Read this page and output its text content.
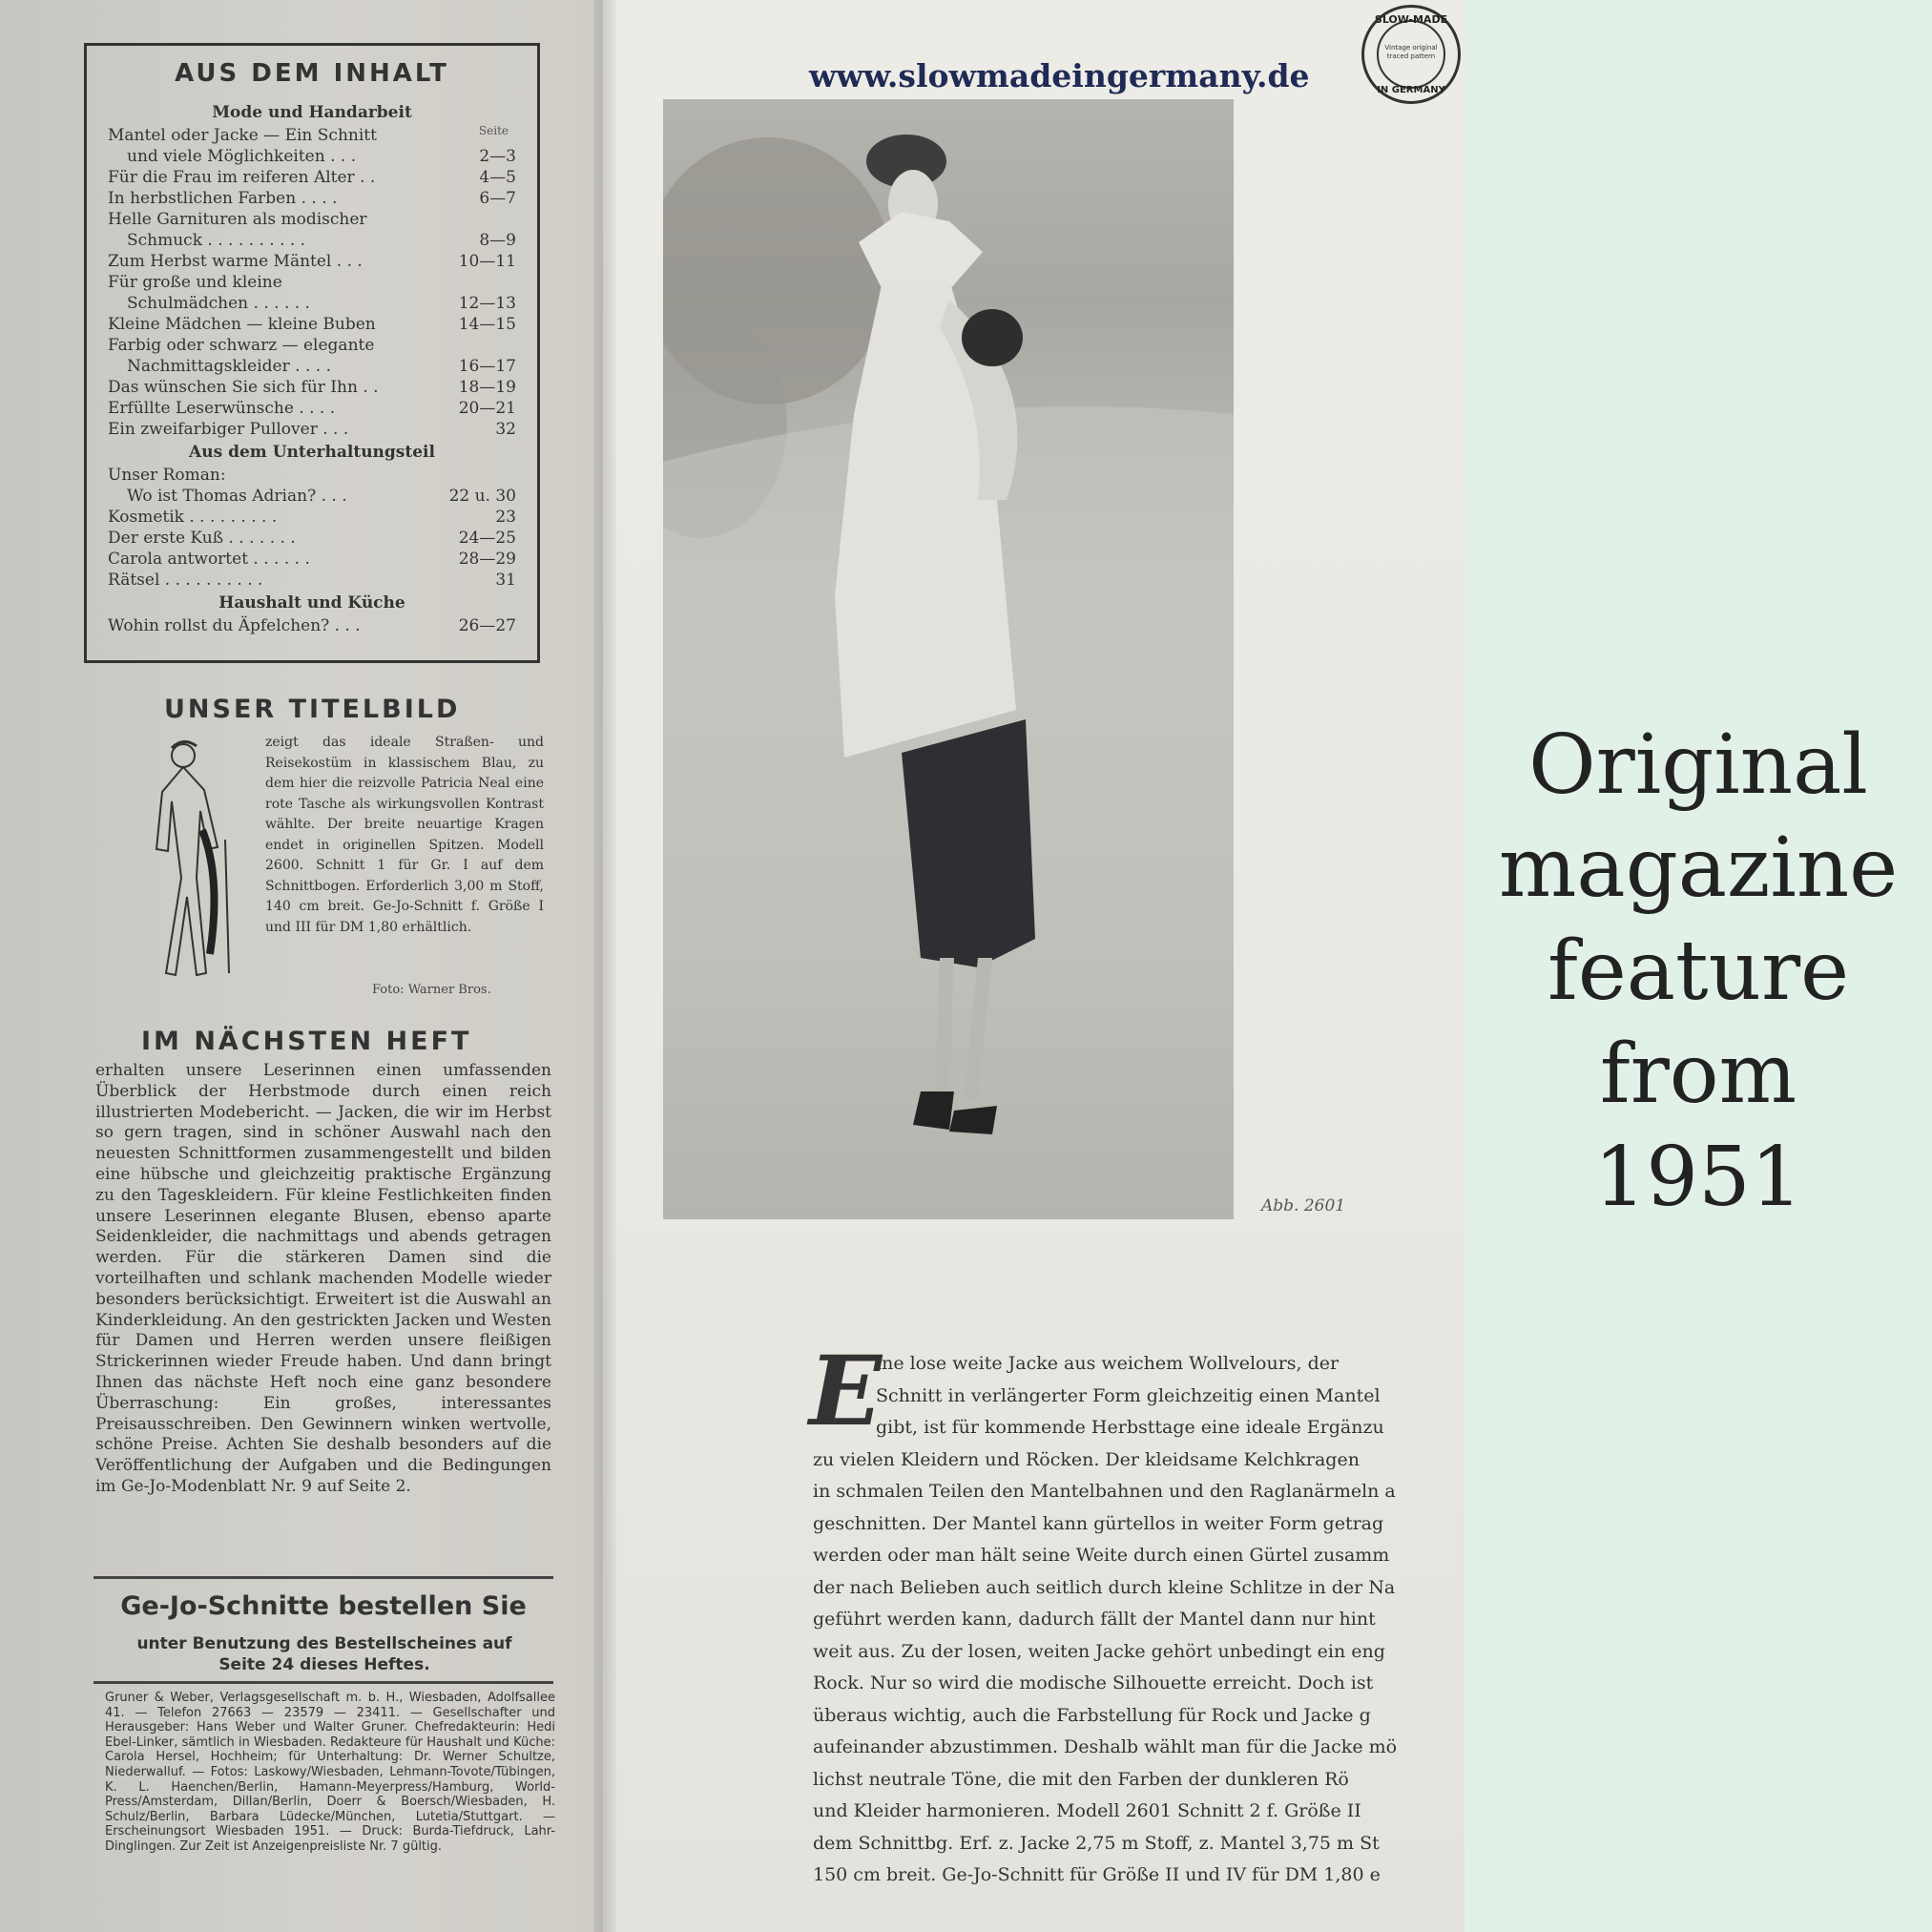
AUS DEM INHALT
Seite
Mode und Handarbeit
Mantel oder Jacke — Ein Schnitt
und viele Möglichkeiten . . .	2—3
Für die Frau im reiferen Alter . .	4—5
In herbstlichen Farben . . . .	6—7
Helle Garnituren als modischer
Schmuck . . . . . . . . . .	8—9
Zum Herbst warme Mäntel . . .	10—11
Für große und kleine
Schulmädchen . . . . . .	12—13
Kleine Mädchen — kleine Buben	14—15
Farbig oder schwarz — elegante
Nachmittagskleider . . . .	16—17
Das wünschen Sie sich für Ihn . .	18—19
Erfüllte Leserwünsche . . . .	20—21
Ein zweifarbiger Pullover . . .	32
Aus dem Unterhaltungsteil
Unser Roman:
Wo ist Thomas Adrian? . . .	22 u. 30
Kosmetik . . . . . . . . .	23
Der erste Kuß . . . . . . .	24—25
Carola antwortet . . . . . .	28—29
Rätsel . . . . . . . . . .	31
Haushalt und Küche
Wohin rollst du Äpfelchen? . . .	26—27
UNSER TITELBILD
zeigt das ideale Straßen- und Reisekostüm in klassischem Blau, zu dem hier die reizvolle Patricia Neal eine rote Tasche als wirkungsvollen Kontrast wählte. Der breite neuartige Kragen endet in originellen Spitzen. Modell 2600. Schnitt 1 für Gr. I auf dem Schnittbogen. Erforderlich 3,00 m Stoff, 140 cm breit. Ge-Jo-Schnitt f. Größe I und III für DM 1,80 erhältlich.
Foto: Warner Bros.
IM NÄCHSTEN HEFT
erhalten unsere Leserinnen einen umfassenden Überblick der Herbstmode durch einen reich illustrierten Modebericht. — Jacken, die wir im Herbst so gern tragen, sind in schöner Auswahl nach den neuesten Schnittformen zusammengestellt und bilden eine hübsche und gleichzeitig praktische Ergänzung zu den Tageskleidern. Für kleine Festlichkeiten finden unsere Leserinnen elegante Blusen, ebenso aparte Seidenkleider, die nachmittags und abends getragen werden. Für die stärkeren Damen sind die vorteilhaften und schlank machenden Modelle wieder besonders berücksichtigt. Erweitert ist die Auswahl an Kinderkleidung. An den gestrickten Jacken und Westen für Damen und Herren werden unsere fleißigen Strickerinnen wieder Freude haben. Und dann bringt Ihnen das nächste Heft noch eine ganz besondere Überraschung: Ein großes, interessantes Preisausschreiben. Den Gewinnern winken wertvolle, schöne Preise. Achten Sie deshalb besonders auf die Veröffentlichung der Aufgaben und die Bedingungen im Ge-Jo-Modenblatt Nr. 9 auf Seite 2.
Ge-Jo-Schnitte bestellen Sie
unter Benutzung des Bestellscheines auf Seite 24 dieses Heftes.
Gruner & Weber, Verlagsgesellschaft m. b. H., Wiesbaden, Adolfsallee 41. — Telefon 27663 — 23579 — 23411. — Gesellschafter und Herausgeber: Hans Weber und Walter Gruner. Chefredakteurin: Hedi Ebel-Linker, sämtlich in Wiesbaden. Redakteure für Haushalt und Küche: Carola Hersel, Hochheim; für Unterhaltung: Dr. Werner Schultze, Niederwalluf. — Fotos: Laskowy/Wiesbaden, Lehmann-Tovote/Tübingen, K. L. Haenchen/Berlin, Hamann-Meyerpress/Hamburg, World-Press/Amsterdam, Dillan/Berlin, Doerr & Boersch/Wiesbaden, H. Schulz/Berlin, Barbara Lüdecke/München, Lutetia/Stuttgart. — Erscheinungsort Wiesbaden 1951. — Druck: Burda-Tiefdruck, Lahr-Dinglingen. Zur Zeit ist Anzeigenpreisliste Nr. 7 gültig.
www.slowmadeingermany.de
SLOW-MADE
Vintage original traced pattern
IN GERMANY
Abb. 2601
E
ine lose weite Jacke aus weichem Wollvelours, der
Schnitt in verlängerter Form gleichzeitig einen Mantel
gibt, ist für kommende Herbsttage eine ideale Ergänzu
zu vielen Kleidern und Röcken. Der kleidsame Kelchkragen
in schmalen Teilen den Mantelbahnen und den Raglanärmeln a
geschnitten. Der Mantel kann gürtellos in weiter Form getrag
werden oder man hält seine Weite durch einen Gürtel zusamm
der nach Belieben auch seitlich durch kleine Schlitze in der Na
geführt werden kann, dadurch fällt der Mantel dann nur hint
weit aus. Zu der losen, weiten Jacke gehört unbedingt ein eng
Rock. Nur so wird die modische Silhouette erreicht. Doch ist
überaus wichtig, auch die Farbstellung für Rock und Jacke g
aufeinander abzustimmen. Deshalb wählt man für die Jacke mö
lichst neutrale Töne, die mit den Farben der dunkleren Rö
und Kleider harmonieren. Modell 2601 Schnitt 2 f. Größe II
dem Schnittbg. Erf. z. Jacke 2,75 m Stoff, z. Mantel 3,75 m St
150 cm breit. Ge-Jo-Schnitt für Größe II und IV für DM 1,80 e
Original
magazine
feature
from
1951
